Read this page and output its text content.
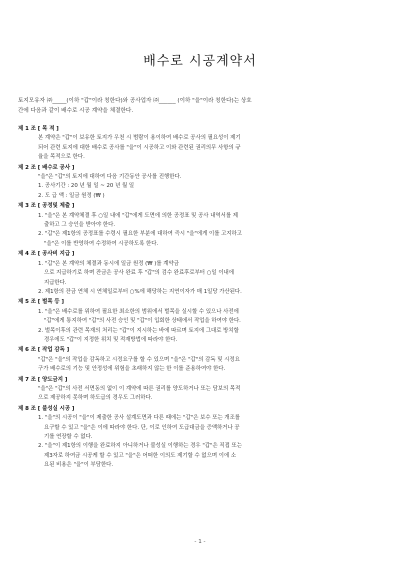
배수로 시공계약서
토지모유자 ㈜_____(이하 "갑"이라 칭한다)와 공사업자 ㈜______ (이하 "을"이라 칭한다)는 상호
간에 다음과 같이 배수로 시공 계약을 체결한다.
제 1 조 [ 목 적 ]
본 계약은 "갑"이 보유한 토지가 우천 시 범람이 용이하여 배수로 공사의 필요성이 제기
되어 관련 토지에 대한 배수로 공사를 "을"이 시공하고 이와 관련된 권리의무 사항의 규
율을 목적으로 한다.
제 2 조 [ 배수로 공사 ]
"을"은 "갑"의 토지에 대하여 다음 기간동안 공사를 진행한다.
1. 공사기간 : 20 년 월 일 ~ 20 년 월 일
2. 도 급 액 : 일금 원정 (₩ )
제 3 조 [ 공정및 제출 ]
1. "을"은 본 계약체결 후 ○일 내에 "갑"에게 도면에 의한 공정표 및 공사 내역서를 제
출하고 그 승인을 받아야 한다.
2. "갑"은 제1항의 공정표를 수령시 필요한 부분에 대하여 즉시 "을"에게 이를 고지하고
"을"은 이를 반영하여 수정하여 시공하도록 한다.
제 4 조 [ 공사비 지급 ]
1. "갑"은 본 계약의 체결과 동시에 일금 원정 (₩ )를 계약금
으로 지급하기로 하며 잔금은 공사 완료 후 "갑"의 검수 완료후로부터 ○일 이내에
지급한다.
2. 제1항의 잔금 연체 시 연체일로부터 ○%에 해당하는 지연이자가 매 1일당 가산된다.
제 5 조 [ 벌목 등 ]
1. "을"은 배수로를 위하여 필요한 최소한의 범위에서 벌목을 실시할 수 있으나 사전에
"갑"에게 통지하여 "갑"의 사전 승인 및 "갑"이 입회한 상태에서 작업을 하여야 한다.
2. 벌목이후의 관련 목재의 처리는 "갑"이 지시하는 바에 따르며 토지에 그대로 방치할
경우에도 "갑"이 지정한 위치 및 적재방법에 따라야 한다.
제 6 조 [ 작업 감독 ]
"갑"은 "을"의 작업을 감독하고 시정요구를 할 수 있으며 "을"은 "갑"의 감독 및 시정요
구가 배수로의 기능 및 안정성에 위험을 초래하지 않는 한 이를 준용하여야 한다.
제 7 조 [ 양도금지 ]
"을"은 "갑"의 사전 서면동의 없이 이 계약에 따른 권리를 양도하거나 또는 담보의 목적
으로 제공하지 못하며 하도급의 경우도 그러하다.
제 8 조 [ 불성실 시공 ]
1. "을"의 시공이 "을"이 제출한 공사 설계도면과 다른 때에는 "갑"은 보수 또는 개조를
요구할 수 있고 "을"은 이에 따라야 한다. 단, 이로 인하여 도급대금을 증액하거나 공
기를 연장할 수 없다.
2. "을"이 제1항의 이행을 완료하지 아니하거나 불성실 이행하는 경우 "갑"은 직접 또는
제3자로 하여금 시공케 할 수 있고 "을"은 어떠한 이의도 제기할 수 없으며 이에 소
요된 비용은 "을"이 부담한다.
- 1 -
